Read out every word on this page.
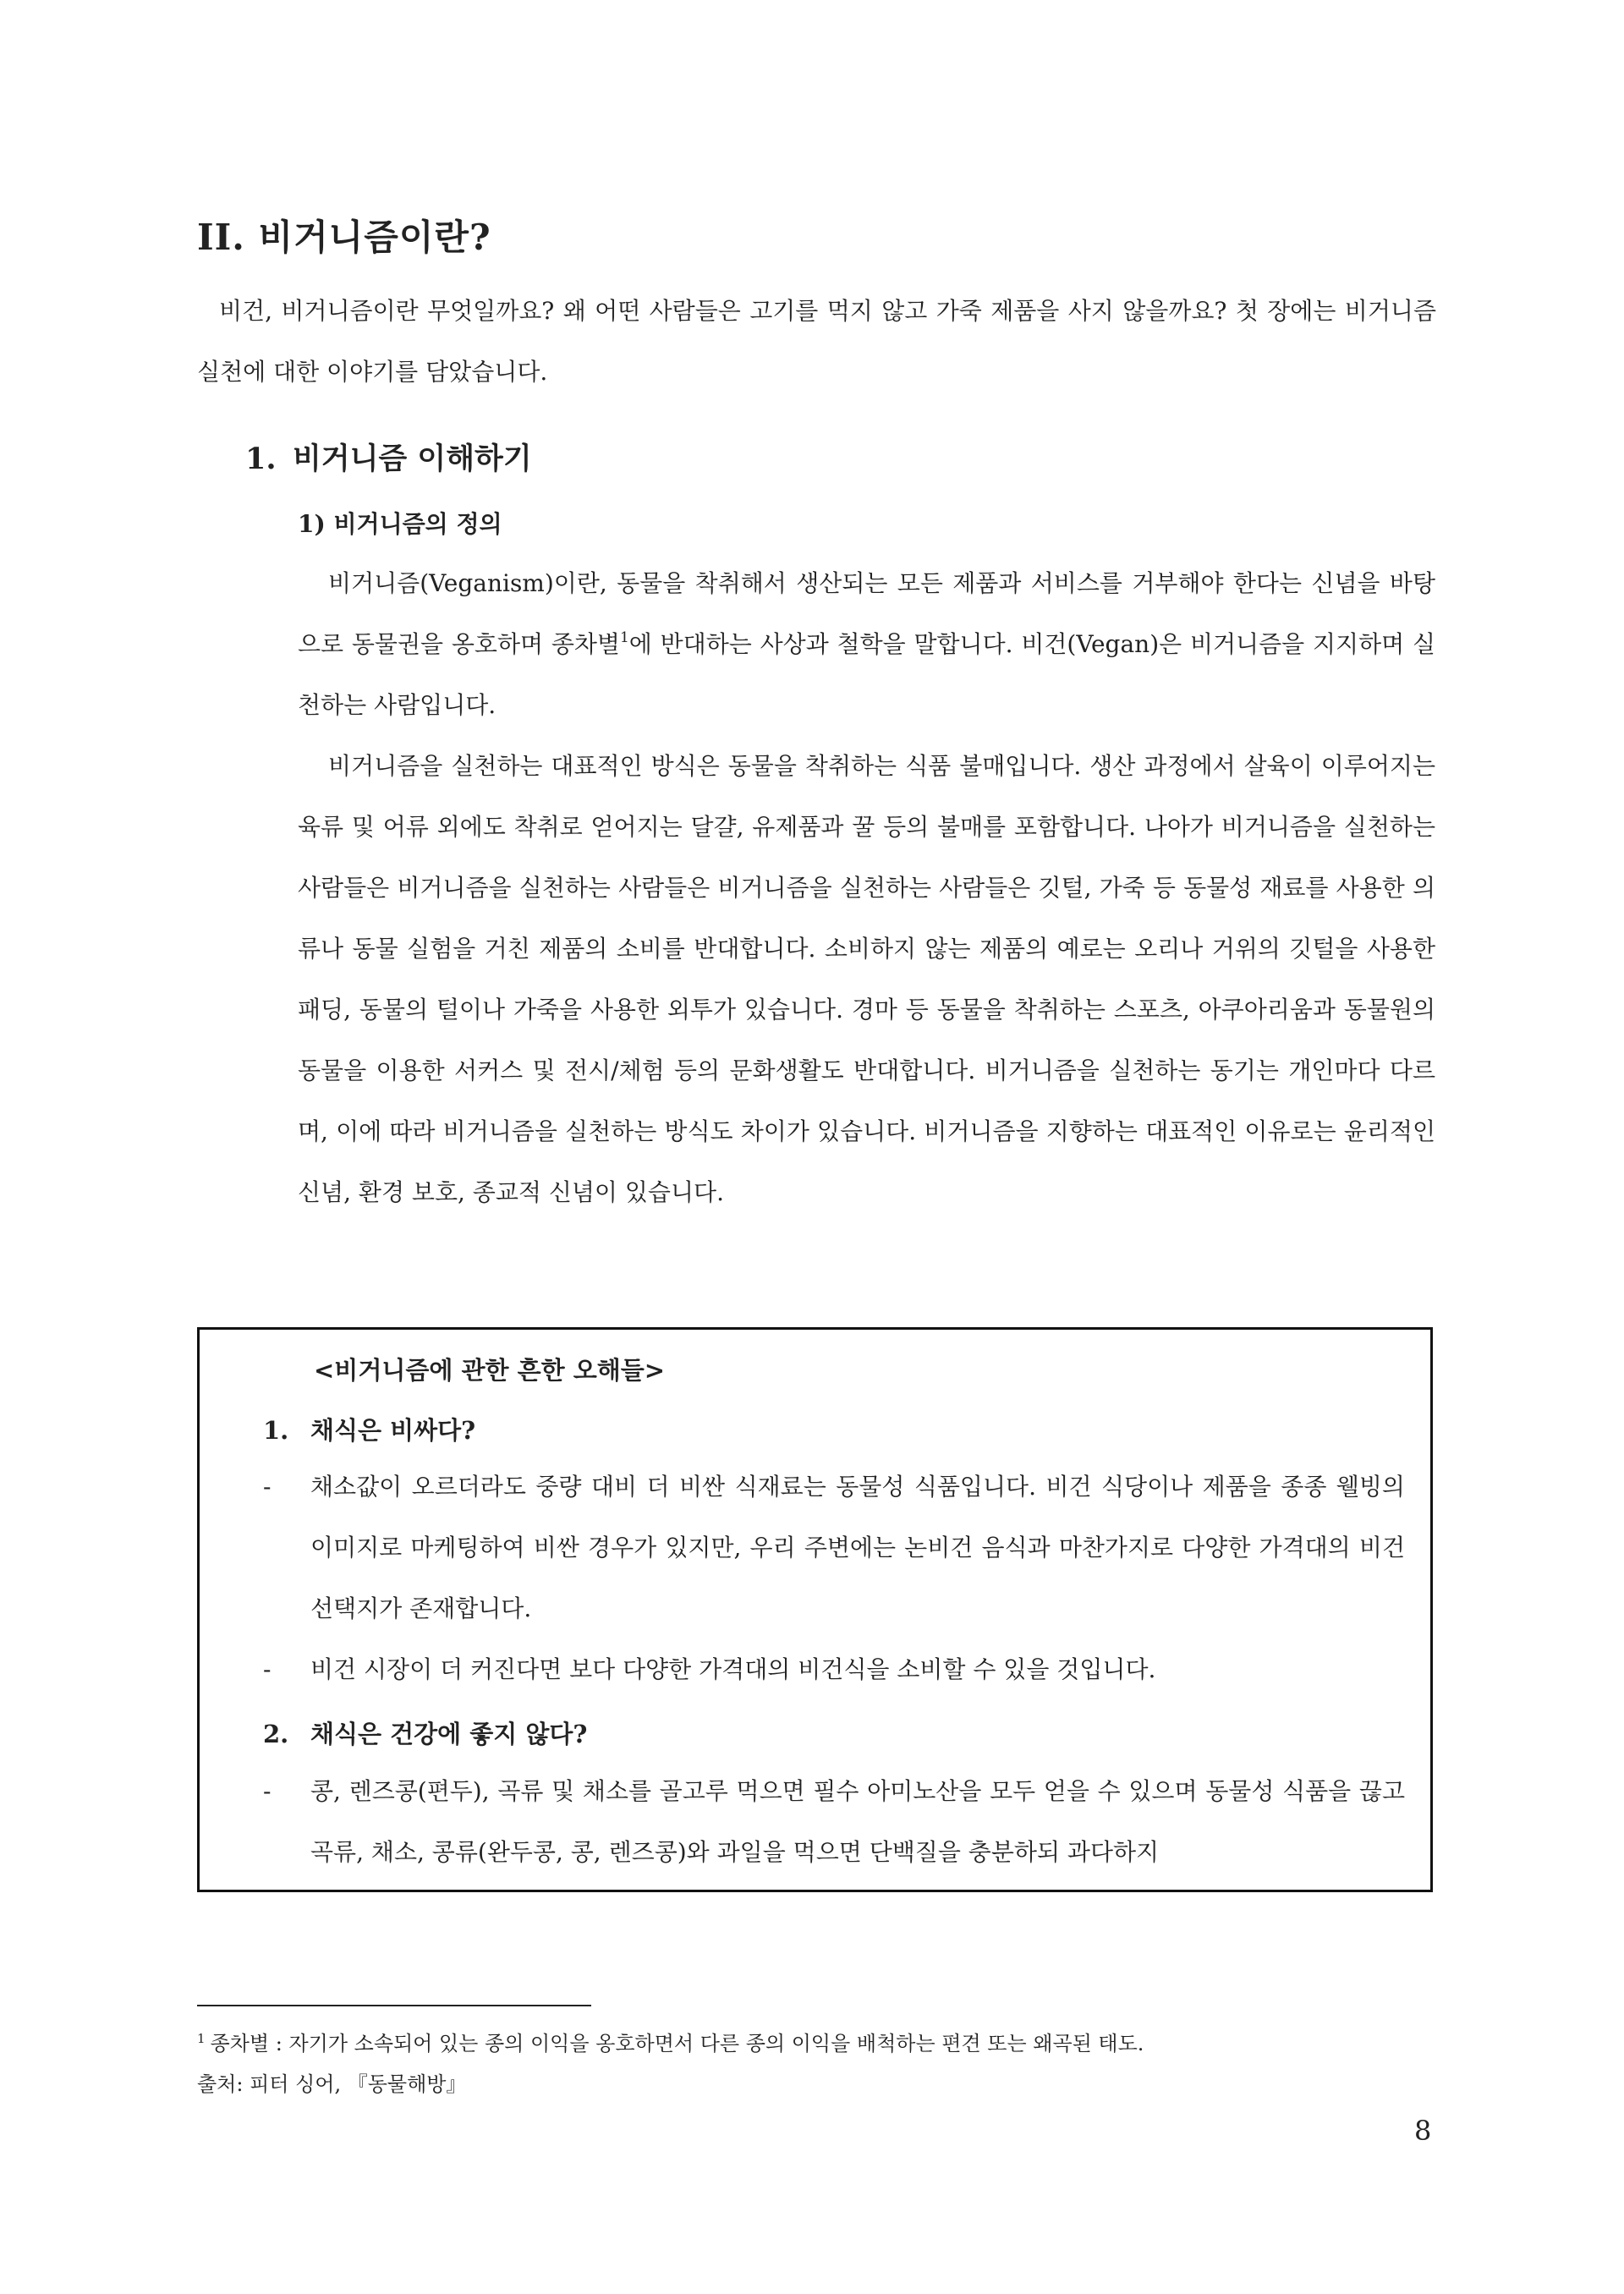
II. 비거니즘이란?
비건, 비거니즘이란 무엇일까요? 왜 어떤 사람들은 고기를 먹지 않고 가죽 제품을 사지 않을까요? 첫 장에는 비거니즘 실천에 대한 이야기를 담았습니다.
1. 비거니즘 이해하기
1) 비거니즘의 정의

비거니즘(Veganism)이란, 동물을 착취해서 생산되는 모든 제품과 서비스를 거부해야 한다는 신념을 바탕으로 동물권을 옹호하며 종차별$^1$에 반대하는 사상과 철학을 말합니다. 비건(Vegan)은 비거니즘을 지지하며 실천하는 사람입니다.

비거니즘을 실천하는 대표적인 방식은 동물을 착취하는 식품 불매입니다. 생산 과정에서 살육이 이루어지는 육류 및 어류 외에도 착취로 얻어지는 달걀, 유제품과 꿀 등의 불매를 포함합니다. 나아가 비거니즘을 실천하는 사람들은 비거니즘을 실천하는 사람들은 비거니즘을 실천하는 사람들은 깃털, 가죽 등 동물성 재료를 사용한 의류나 동물 실험을 거친 제품의 소비를 반대합니다. 소비하지 않는 제품의 예로는 오리나 거위의 깃털을 사용한 패딩, 동물의 털이나 가죽을 사용한 외투가 있습니다. 경마 등 동물을 착취하는 스포츠, 아쿠아리움과 동물원의 동물을 이용한 서커스 및 전시/체험 등의 문화생활도 반대합니다. 비거니즘을 실천하는 동기는 개인마다 다르며, 이에 따라 비거니즘을 실천하는 방식도 차이가 있습니다. 비거니즘을 지향하는 대표적인 이유로는 윤리적인 신념, 환경 보호, 종교적 신념이 있습니다.

<비거니즘에 관한 흔한 오해들>
1. 채식은 비싸다?
-	채소값이 오르더라도 중량 대비 더 비싼 식재료는 동물성 식품입니다. 비건 식당이나 제품을 종종 웰빙의 이미지로 마케팅하여 비싼 경우가 있지만, 우리 주변에는 논비건 음식과 마찬가지로 다양한 가격대의 비건 선택지가 존재합니다.
-	비건 시장이 더 커진다면 보다 다양한 가격대의 비건식을 소비할 수 있을 것입니다.
2. 채식은 건강에 좋지 않다?
-	콩, 렌즈콩(편두), 곡류 및 채소를 골고루 먹으면 필수 아미노산을 모두 얻을 수 있으며 동물성 식품을 끊고 곡류, 채소, 콩류(완두콩, 콩, 렌즈콩)와 과일을 먹으면 단백질을 충분하되 과다하지
$^1$ 종차별 : 자기가 소속되어 있는 종의 이익을 옹호하면서 다른 종의 이익을 배척하는 편견 또는 왜곡된 태도.
출처: 피터 싱어, 『동물해방』
8
